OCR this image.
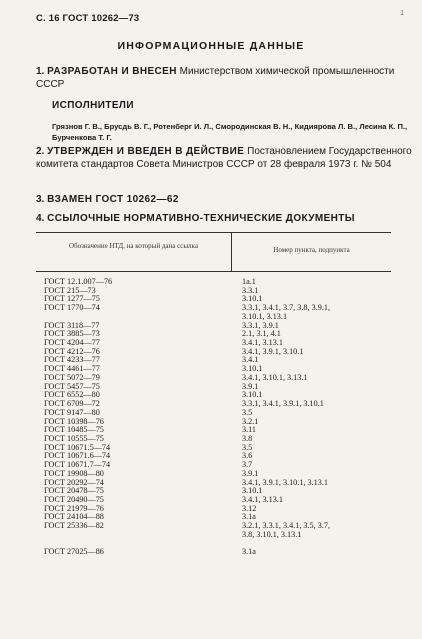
С. 16 ГОСТ 10262—73	1
ИНФОРМАЦИОННЫЕ ДАННЫЕ
1. РАЗРАБОТАН И ВНЕСЕН Министерством химической промышленности СССР
ИСПОЛНИТЕЛИ
Грязнов Г. В., Брусдь В. Г., Ротенберг И. Л., Смородинская В. Н., Кидиярова Л. В., Лесина К. П., Бурченкова Т. Г.
2. УТВЕРЖДЕН И ВВЕДЕН В ДЕЙСТВИЕ Постановлением Государственного комитета стандартов Совета Министров СССР от 28 февраля 1973 г. № 504
3. ВЗАМЕН ГОСТ 10262—62
4. ССЫЛОЧНЫЕ НОРМАТИВНО-ТЕХНИЧЕСКИЕ ДОКУМЕНТЫ
Обозначение НТД, на который дана ссылка	Номер пункта, подпункта
ГОСТ 12.1.007—76	1а.1
ГОСТ 215—73	3.3.1
ГОСТ 1277—75	3.10.1
ГОСТ 1770—74	3.3.1, 3.4.1, 3.7, 3.8, 3.9.1,
3.10.1, 3.13.1
ГОСТ 3118—77	3.3.1, 3.9.1
ГОСТ 3885—73	2.1, 3.1, 4.1
ГОСТ 4204—77	3.4.1, 3.13.1
ГОСТ 4212—76	3.4.1, 3.9.1, 3.10.1
ГОСТ 4233—77	3.4.1
ГОСТ 4461—77	3.10.1
ГОСТ 5072—79	3.4.1, 3.10.1, 3.13.1
ГОСТ 5457—75	3.9.1
ГОСТ 6552—80	3.10.1
ГОСТ 6709—72	3.3.1, 3.4.1, 3.9.1, 3.10.1
ГОСТ 9147—80	3.5
ГОСТ 10398—76	3.2.1
ГОСТ 10485—75	3.11
ГОСТ 10555—75	3.8
ГОСТ 10671.5—74	3.5
ГОСТ 10671.6—74	3.6
ГОСТ 10671.7—74	3.7
ГОСТ 19908—80	3.9.1
ГОСТ 20292—74	3.4.1, 3.9.1, 3.10.1, 3.13.1
ГОСТ 20478—75	3.10.1
ГОСТ 20490—75	3.4.1, 3.13.1
ГОСТ 21979—76	3.12
ГОСТ 24104—88	3.1а
ГОСТ 25336—82	3.2.1, 3.3.1, 3.4.1, 3.5, 3.7,
3.8, 3.10.1, 3.13.1
ГОСТ 27025—86	3.1а
